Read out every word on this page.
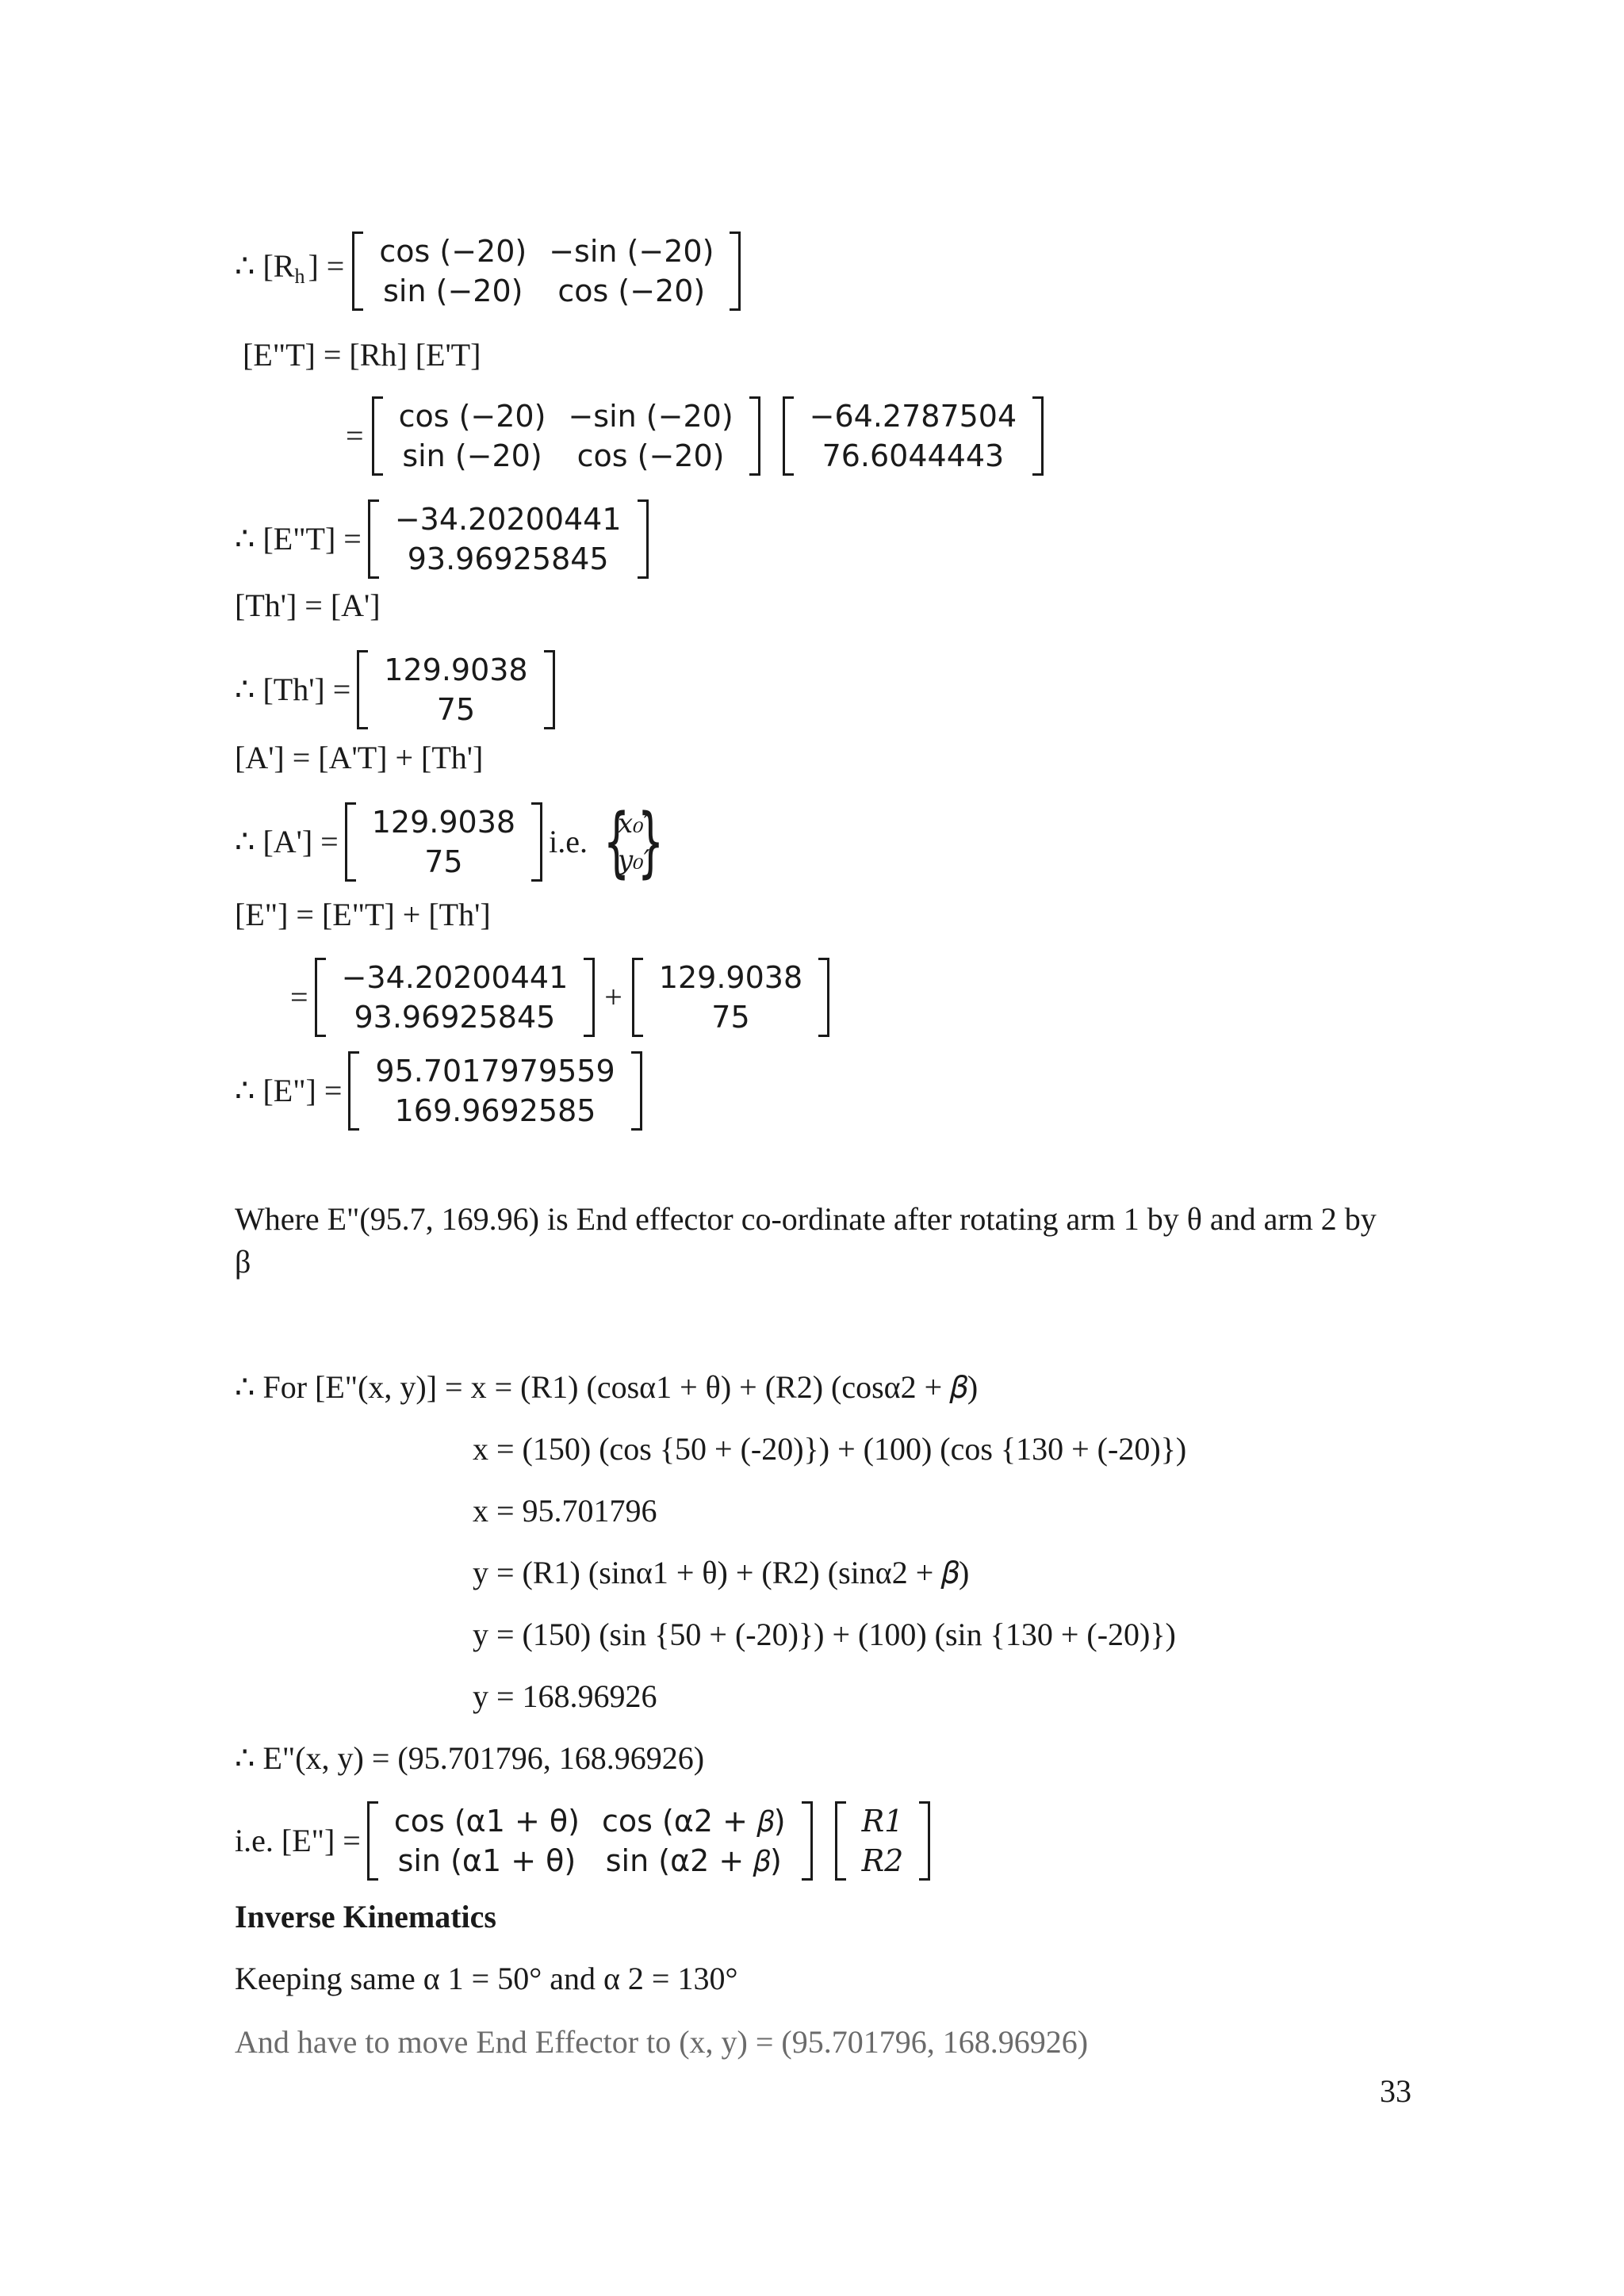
∴ [$R_h$ ] =	cos (−20) −sin (−20)
sin (−20)	cos (−20)
[E"T] = [Rh] [E'T]
=
cos (−20) −sin (−20)
sin (−20)	cos (−20)
−64.2787504
76.6044443
∴ [E"T] =
−34.20200441
93.96925845
[Th'] = [A']
∴ [Th'] =
129.9038
75
[A'] = [A'T] + [Th']
∴ [A'] =
129.9038
75
i.e.
{ x₀′
y₀′
}
[E"] = [E"T] + [Th']
=
−34.20200441
93.96925845
+
129.9038
75
∴ [E"] =
95.7017979559
169.9692585
Where E"(95.7, 169.96) is End effector co-ordinate after rotating arm 1 by θ and arm 2 by
β
∴ For [E"(x, y)] = x = (R1) (cosα1 + θ) + (R2) (cosα2 + 𝛽)
x = (150) (cos {50 + (-20)}) + (100) (cos {130 + (-20)})
x = 95.701796
y = (R1) (sinα1 + θ) + (R2) (sinα2 + 𝛽)
y = (150) (sin {50 + (-20)}) + (100) (sin {130 + (-20)})
y = 168.96926
∴ E"(x, y) = (95.701796, 168.96926)
i.e. [E"] =
cos (α1 + θ) cos (α2 + 𝛽)
sin (α1 + θ) sin (α2 + 𝛽)
R1
R2
Inverse Kinematics
Keeping same α 1 = 50° and α 2 = 130°
And have to move End Effector to (x, y) = (95.701796, 168.96926)
33
